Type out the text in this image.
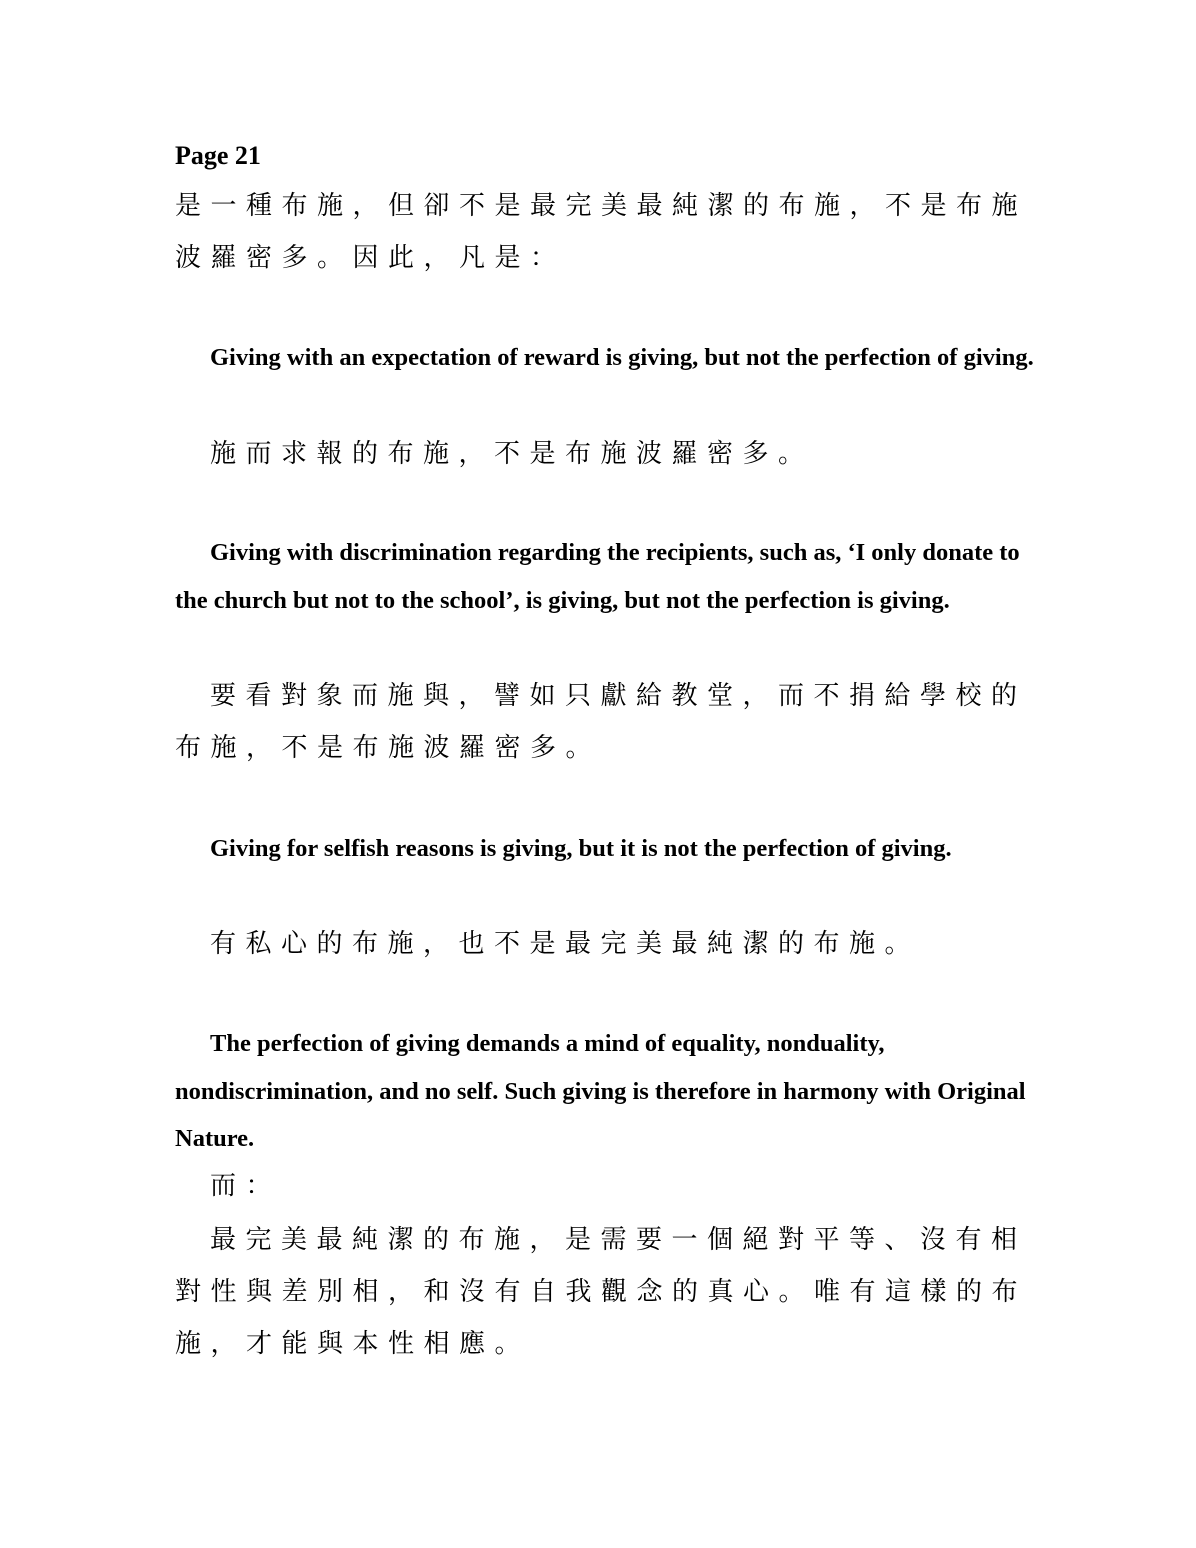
Page 21

是一種布施，但卻不是最完美最純潔的布施，不是布施波羅密多。因此，凡是：

Giving with an expectation of reward is giving, but not the perfection of giving.

施而求報的布施，不是布施波羅密多。

Giving with discrimination regarding the recipients, such as, ‘I only donate to the church but not to the school’, is giving, but not the perfection is giving.

要看對象而施與，譬如只獻給教堂，而不捐給學校的布施，不是布施波羅密多。

Giving for selfish reasons is giving, but it is not the perfection of giving.

有私心的布施，也不是最完美最純潔的布施。

The perfection of giving demands a mind of equality, nonduality, nondiscrimination, and no self. Such giving is therefore in harmony with Original Nature.

而：

最完美最純潔的布施，是需要一個絕對平等、沒有相對性與差別相，和沒有自我觀念的真心。唯有這樣的布施，才能與本性相應。
